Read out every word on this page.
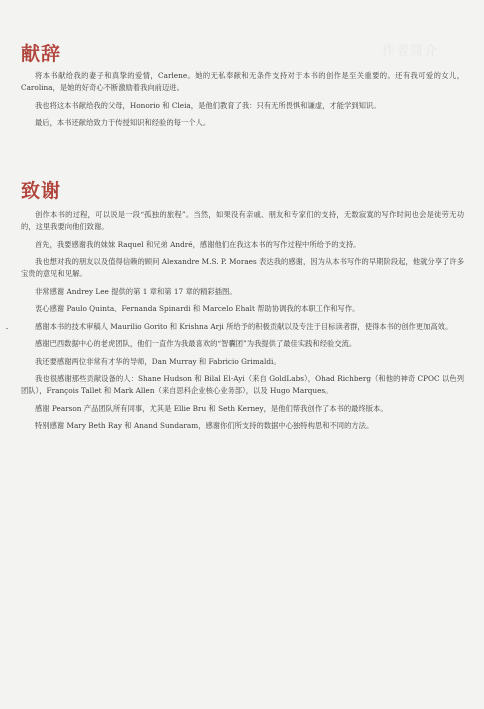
作者简介
献辞

将本书献给我的妻子和真挚的爱情，Carlene。她的无私奉献和无条件支持对于本书的创作是至关重要的。还有我可爱的女儿，Carolina，是她的好奇心不断激励着我向前迈进。

我也将这本书献给我的父母，Honorio 和 Cleia，是他们教育了我：只有无所畏惧和谦虚，才能学到知识。

最后，本书还献给致力于传授知识和经验的每一个人。

致谢

创作本书的过程，可以说是一段“孤独的旅程”。当然，如果没有亲戚、朋友和专家们的支持，无数寂寞的写作时间也会是徒劳无功的，这里我要向他们致谢。

首先，我要感谢我的妹妹 Raquel 和兄弟 André，感谢他们在我这本书的写作过程中所给予的支持。

我也想对我的朋友以及值得信赖的顾问 Alexandre M.S. P. Moraes 表达我的感谢，因为从本书写作的早期阶段起，他就分享了许多宝贵的意见和见解。

非常感谢 Andrey Lee 提供的第 1 章和第 17 章的精彩插图。

衷心感谢 Paulo Quinta、Fernanda Spinardi 和 Marcelo Ehalt 帮助协调我的本职工作和写作。

感谢本书的技术审稿人 Maurilio Gorito 和 Krishna Arji 所给予的积极贡献以及专注于目标读者群，使得本书的创作更加高效。

感谢巴西数据中心的老虎团队，他们一直作为我最喜欢的“智囊团”为我提供了最佳实践和经验交流。

我还要感谢两位非常有才华的导师，Dan Murray 和 Fabricio Grimaldi。

我也很感谢那些贡献设备的人：Shane Hudson 和 Bilal El-Ayi（来自 GoldLabs），Ohad Richberg（和他的神奇 CPOC 以色列团队），François Tallet 和 Mark Allen（来自思科企业核心业务部），以及 Hugo Marques。

感谢 Pearson 产品团队所有同事，尤其是 Ellie Bru 和 Seth Kerney，是他们帮我创作了本书的最终版本。

特别感谢 Mary Beth Ray 和 Anand Sundaram，感谢你们所支持的数据中心独特构思和不同的方法。
